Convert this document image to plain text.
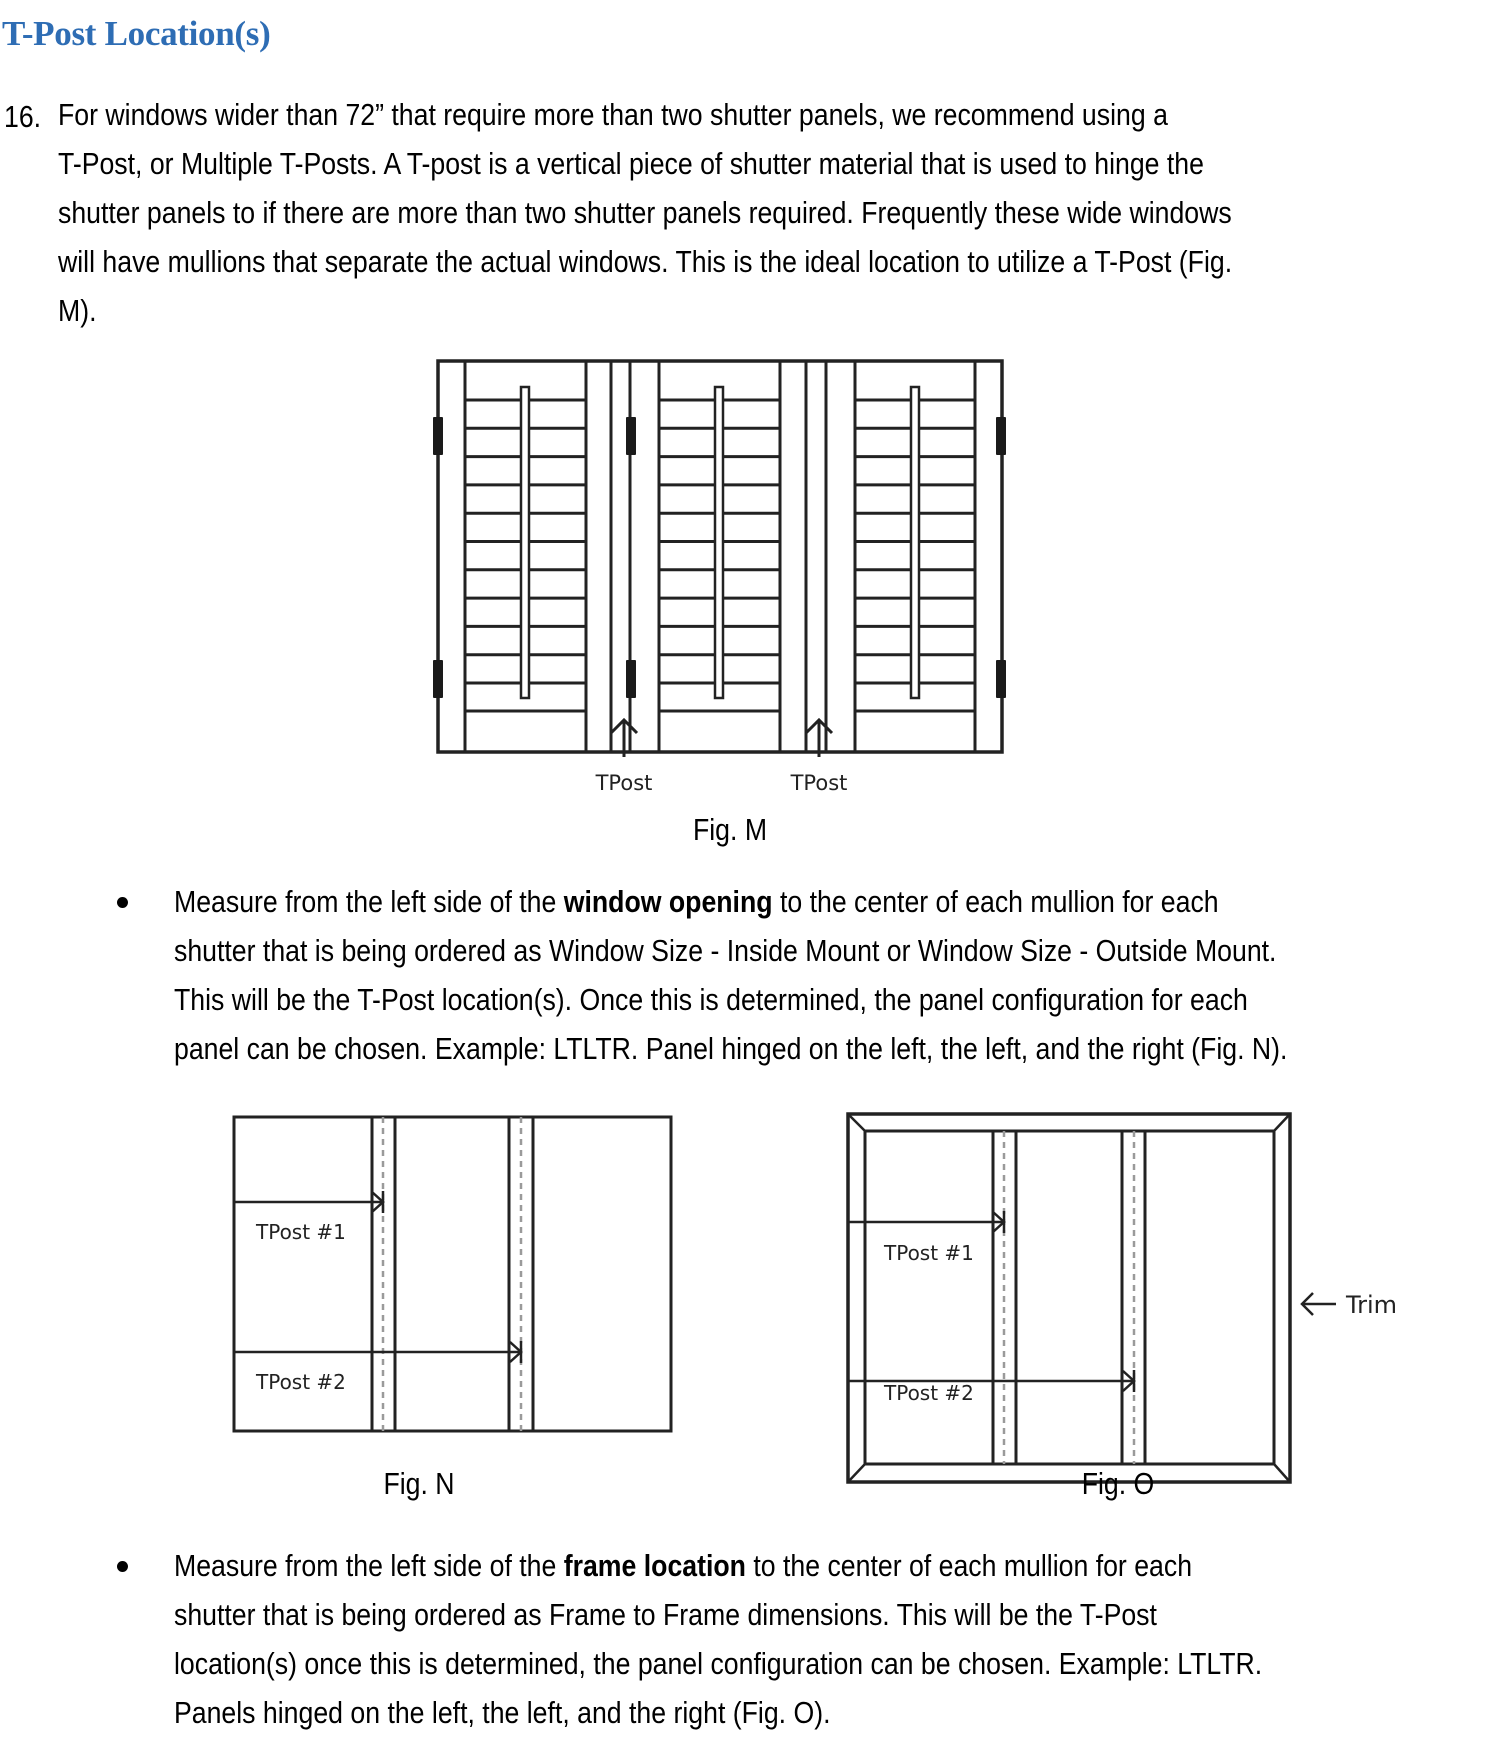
T-Post Location(s)
16. For windows wider than 72” that require more than two shutter panels, we recommend using a
T-Post, or Multiple T-Posts. A T-post is a vertical piece of shutter material that is used to hinge the
shutter panels to if there are more than two shutter panels required. Frequently these wide windows
will have mullions that separate the actual windows. This is the ideal location to utilize a T-Post (Fig.
M).
TPost	TPost
TPost #1
TPost #2
TPost #1
TPost #2
Trim
Fig. M
Measure from the left side of the window opening to the center of each mullion for each
shutter that is being ordered as Window Size - Inside Mount or Window Size - Outside Mount.
This will be the T-Post location(s). Once this is determined, the panel configuration for each
panel can be chosen. Example: LTLTR. Panel hinged on the left, the left, and the right (Fig. N).
Fig. N	Fig. O
Measure from the left side of the frame location to the center of each mullion for each
shutter that is being ordered as Frame to Frame dimensions. This will be the T-Post
location(s) once this is determined, the panel configuration can be chosen. Example: LTLTR.
Panels hinged on the left, the left, and the right (Fig. O).
